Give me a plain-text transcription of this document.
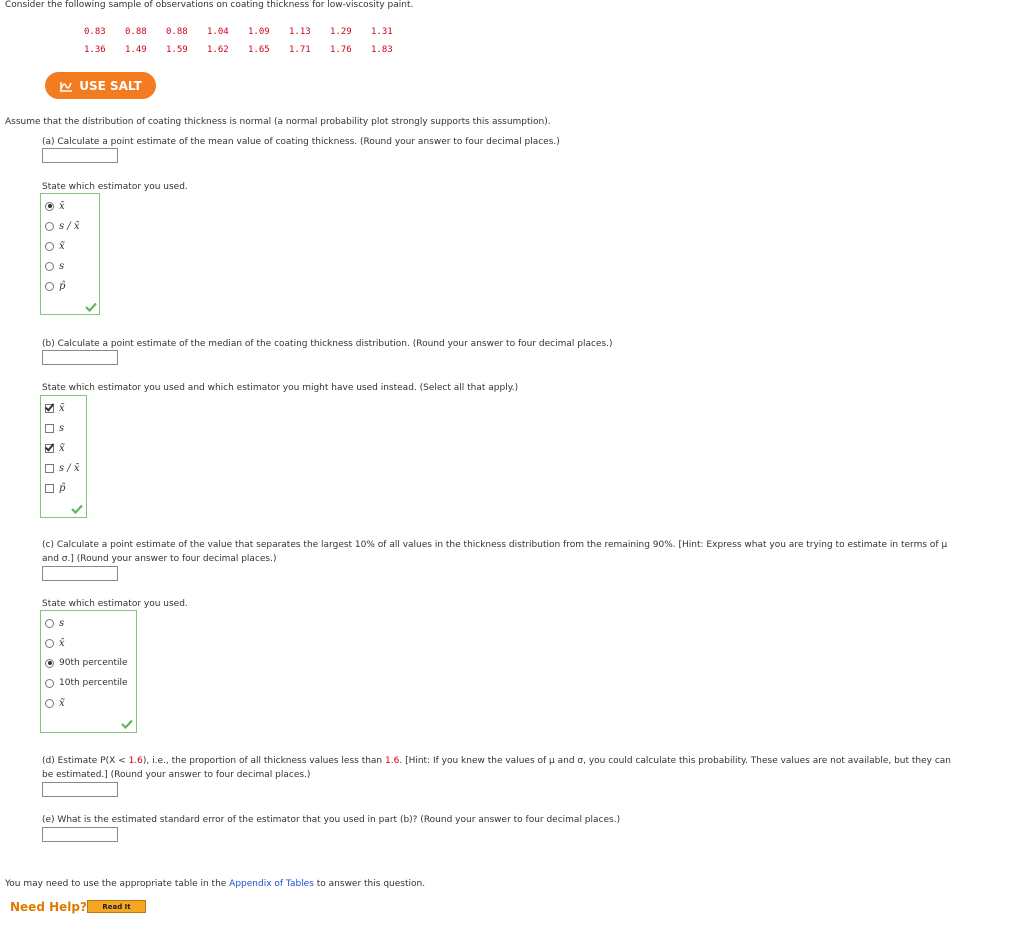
Consider the following sample of observations on coating thickness for low-viscosity paint.
0.83 0.88 0.88 1.04 1.09 1.13 1.29 1.31
1.36 1.49 1.59 1.62 1.65 1.71 1.76 1.83
USE SALT
Assume that the distribution of coating thickness is normal (a normal probability plot strongly supports this assumption).
(a) Calculate a point estimate of the mean value of coating thickness. (Round your answer to four decimal places.)
State which estimator you used.
x̄
s / x̄
x̃
s
p̂
(b) Calculate a point estimate of the median of the coating thickness distribution. (Round your answer to four decimal places.)
State which estimator you used and which estimator you might have used instead. (Select all that apply.)
x̄
s
x̃
s / x̄
p̂
(c) Calculate a point estimate of the value that separates the largest 10% of all values in the thickness distribution from the remaining 90%. [Hint: Express what you are trying to estimate in terms of μ
and σ.] (Round your answer to four decimal places.)
State which estimator you used.
s
x̄
90th percentile
10th percentile
x̃
(d) Estimate P(X < 1.6), i.e., the proportion of all thickness values less than 1.6. [Hint: If you knew the values of μ and σ, you could calculate this probability. These values are not available, but they can
be estimated.] (Round your answer to four decimal places.)
(e) What is the estimated standard error of the estimator that you used in part (b)? (Round your answer to four decimal places.)
You may need to use the appropriate table in the Appendix of Tables to answer this question.
Need Help?	Read It
